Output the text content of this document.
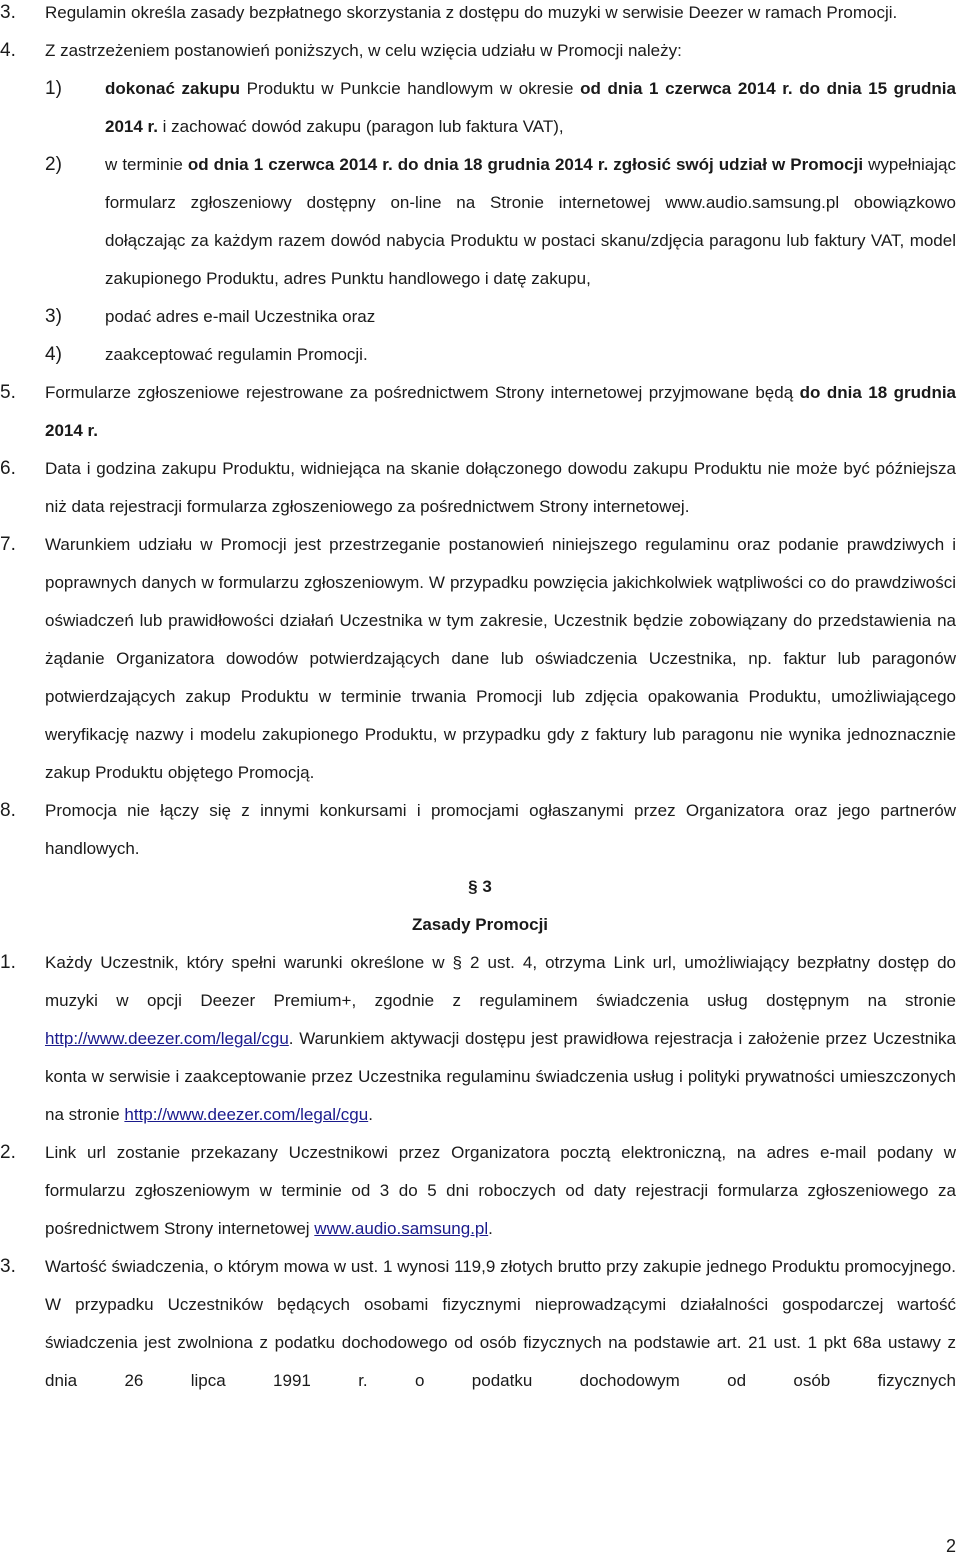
3. Regulamin określa zasady bezpłatnego skorzystania z dostępu do muzyki w serwisie Deezer w ramach Promocji.
4. Z zastrzeżeniem postanowień poniższych, w celu wzięcia udziału w Promocji należy:
1)	dokonać zakupu Produktu w Punkcie handlowym w okresie od dnia 1 czerwca 2014 r. do dnia 15 grudnia 2014 r. i zachować dowód zakupu (paragon lub faktura VAT),
2)	w terminie od dnia 1 czerwca 2014 r. do dnia 18 grudnia 2014 r. zgłosić swój udział w Promocji wypełniając formularz zgłoszeniowy dostępny on-line na Stronie internetowej www.audio.samsung.pl obowiązkowo dołączając za każdym razem dowód nabycia Produktu w postaci skanu/zdjęcia paragonu lub faktury VAT, model zakupionego Produktu, adres Punktu handlowego i datę zakupu,
3)	podać adres e-mail Uczestnika oraz
4)	zaakceptować regulamin Promocji.
5. Formularze zgłoszeniowe rejestrowane za pośrednictwem Strony internetowej przyjmowane będą do dnia 18 grudnia 2014 r.
6. Data i godzina zakupu Produktu, widniejąca na skanie dołączonego dowodu zakupu Produktu nie może być późniejsza niż data rejestracji formularza zgłoszeniowego za pośrednictwem Strony internetowej.
7. Warunkiem udziału w Promocji jest przestrzeganie postanowień niniejszego regulaminu oraz podanie prawdziwych i poprawnych danych w formularzu zgłoszeniowym. W przypadku powzięcia jakichkolwiek wątpliwości co do prawdziwości oświadczeń lub prawidłowości działań Uczestnika w tym zakresie, Uczestnik będzie zobowiązany do przedstawienia na żądanie Organizatora dowodów potwierdzających dane lub oświadczenia Uczestnika, np. faktur lub paragonów potwierdzających zakup Produktu w terminie trwania Promocji lub zdjęcia opakowania Produktu, umożliwiającego weryfikację nazwy i modelu zakupionego Produktu, w przypadku gdy z faktury lub paragonu nie wynika jednoznacznie zakup Produktu objętego Promocją.
8. Promocja nie łączy się z innymi konkursami i promocjami ogłaszanymi przez Organizatora oraz jego partnerów handlowych.
§ 3
Zasady Promocji
1. Każdy Uczestnik, który spełni warunki określone w § 2 ust. 4, otrzyma Link url, umożliwiający bezpłatny dostęp do muzyki w opcji Deezer Premium+, zgodnie z regulaminem świadczenia usług dostępnym na stronie http://www.deezer.com/legal/cgu. Warunkiem aktywacji dostępu jest prawidłowa rejestracja i założenie przez Uczestnika konta w serwisie i zaakceptowanie przez Uczestnika regulaminu świadczenia usług i polityki prywatności umieszczonych na stronie http://www.deezer.com/legal/cgu.
2. Link url zostanie przekazany Uczestnikowi przez Organizatora pocztą elektroniczną, na adres e-mail podany w formularzu zgłoszeniowym w terminie od 3 do 5 dni roboczych od daty rejestracji formularza zgłoszeniowego za pośrednictwem Strony internetowej www.audio.samsung.pl.
3. Wartość świadczenia, o którym mowa w ust. 1 wynosi 119,9 złotych brutto przy zakupie jednego Produktu promocyjnego. W przypadku Uczestników będących osobami fizycznymi nieprowadzącymi działalności gospodarczej wartość świadczenia jest zwolniona z podatku dochodowego od osób fizycznych na podstawie art. 21 ust. 1 pkt 68a ustawy z dnia 26 lipca 1991 r. o podatku dochodowym od osób fizycznych
2
